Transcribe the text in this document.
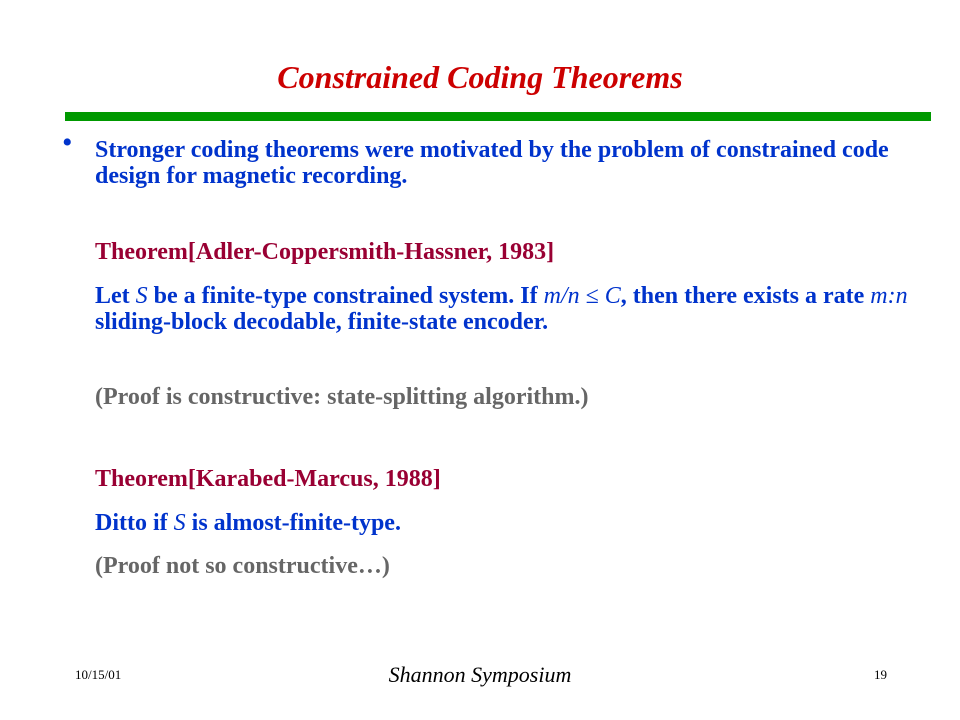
Constrained Coding Theorems
• Stronger coding theorems were motivated by the problem of constrained code design for magnetic recording.
Theorem[Adler-Coppersmith-Hassner, 1983]
Let S be a finite-type constrained system. If m/n ≤ C, then there exists a rate m:n sliding-block decodable, finite-state encoder.
(Proof is constructive: state-splitting algorithm.)
Theorem[Karabed-Marcus, 1988]
Ditto if S is almost-finite-type.
(Proof not so constructive…)
10/15/01	Shannon Symposium	19
